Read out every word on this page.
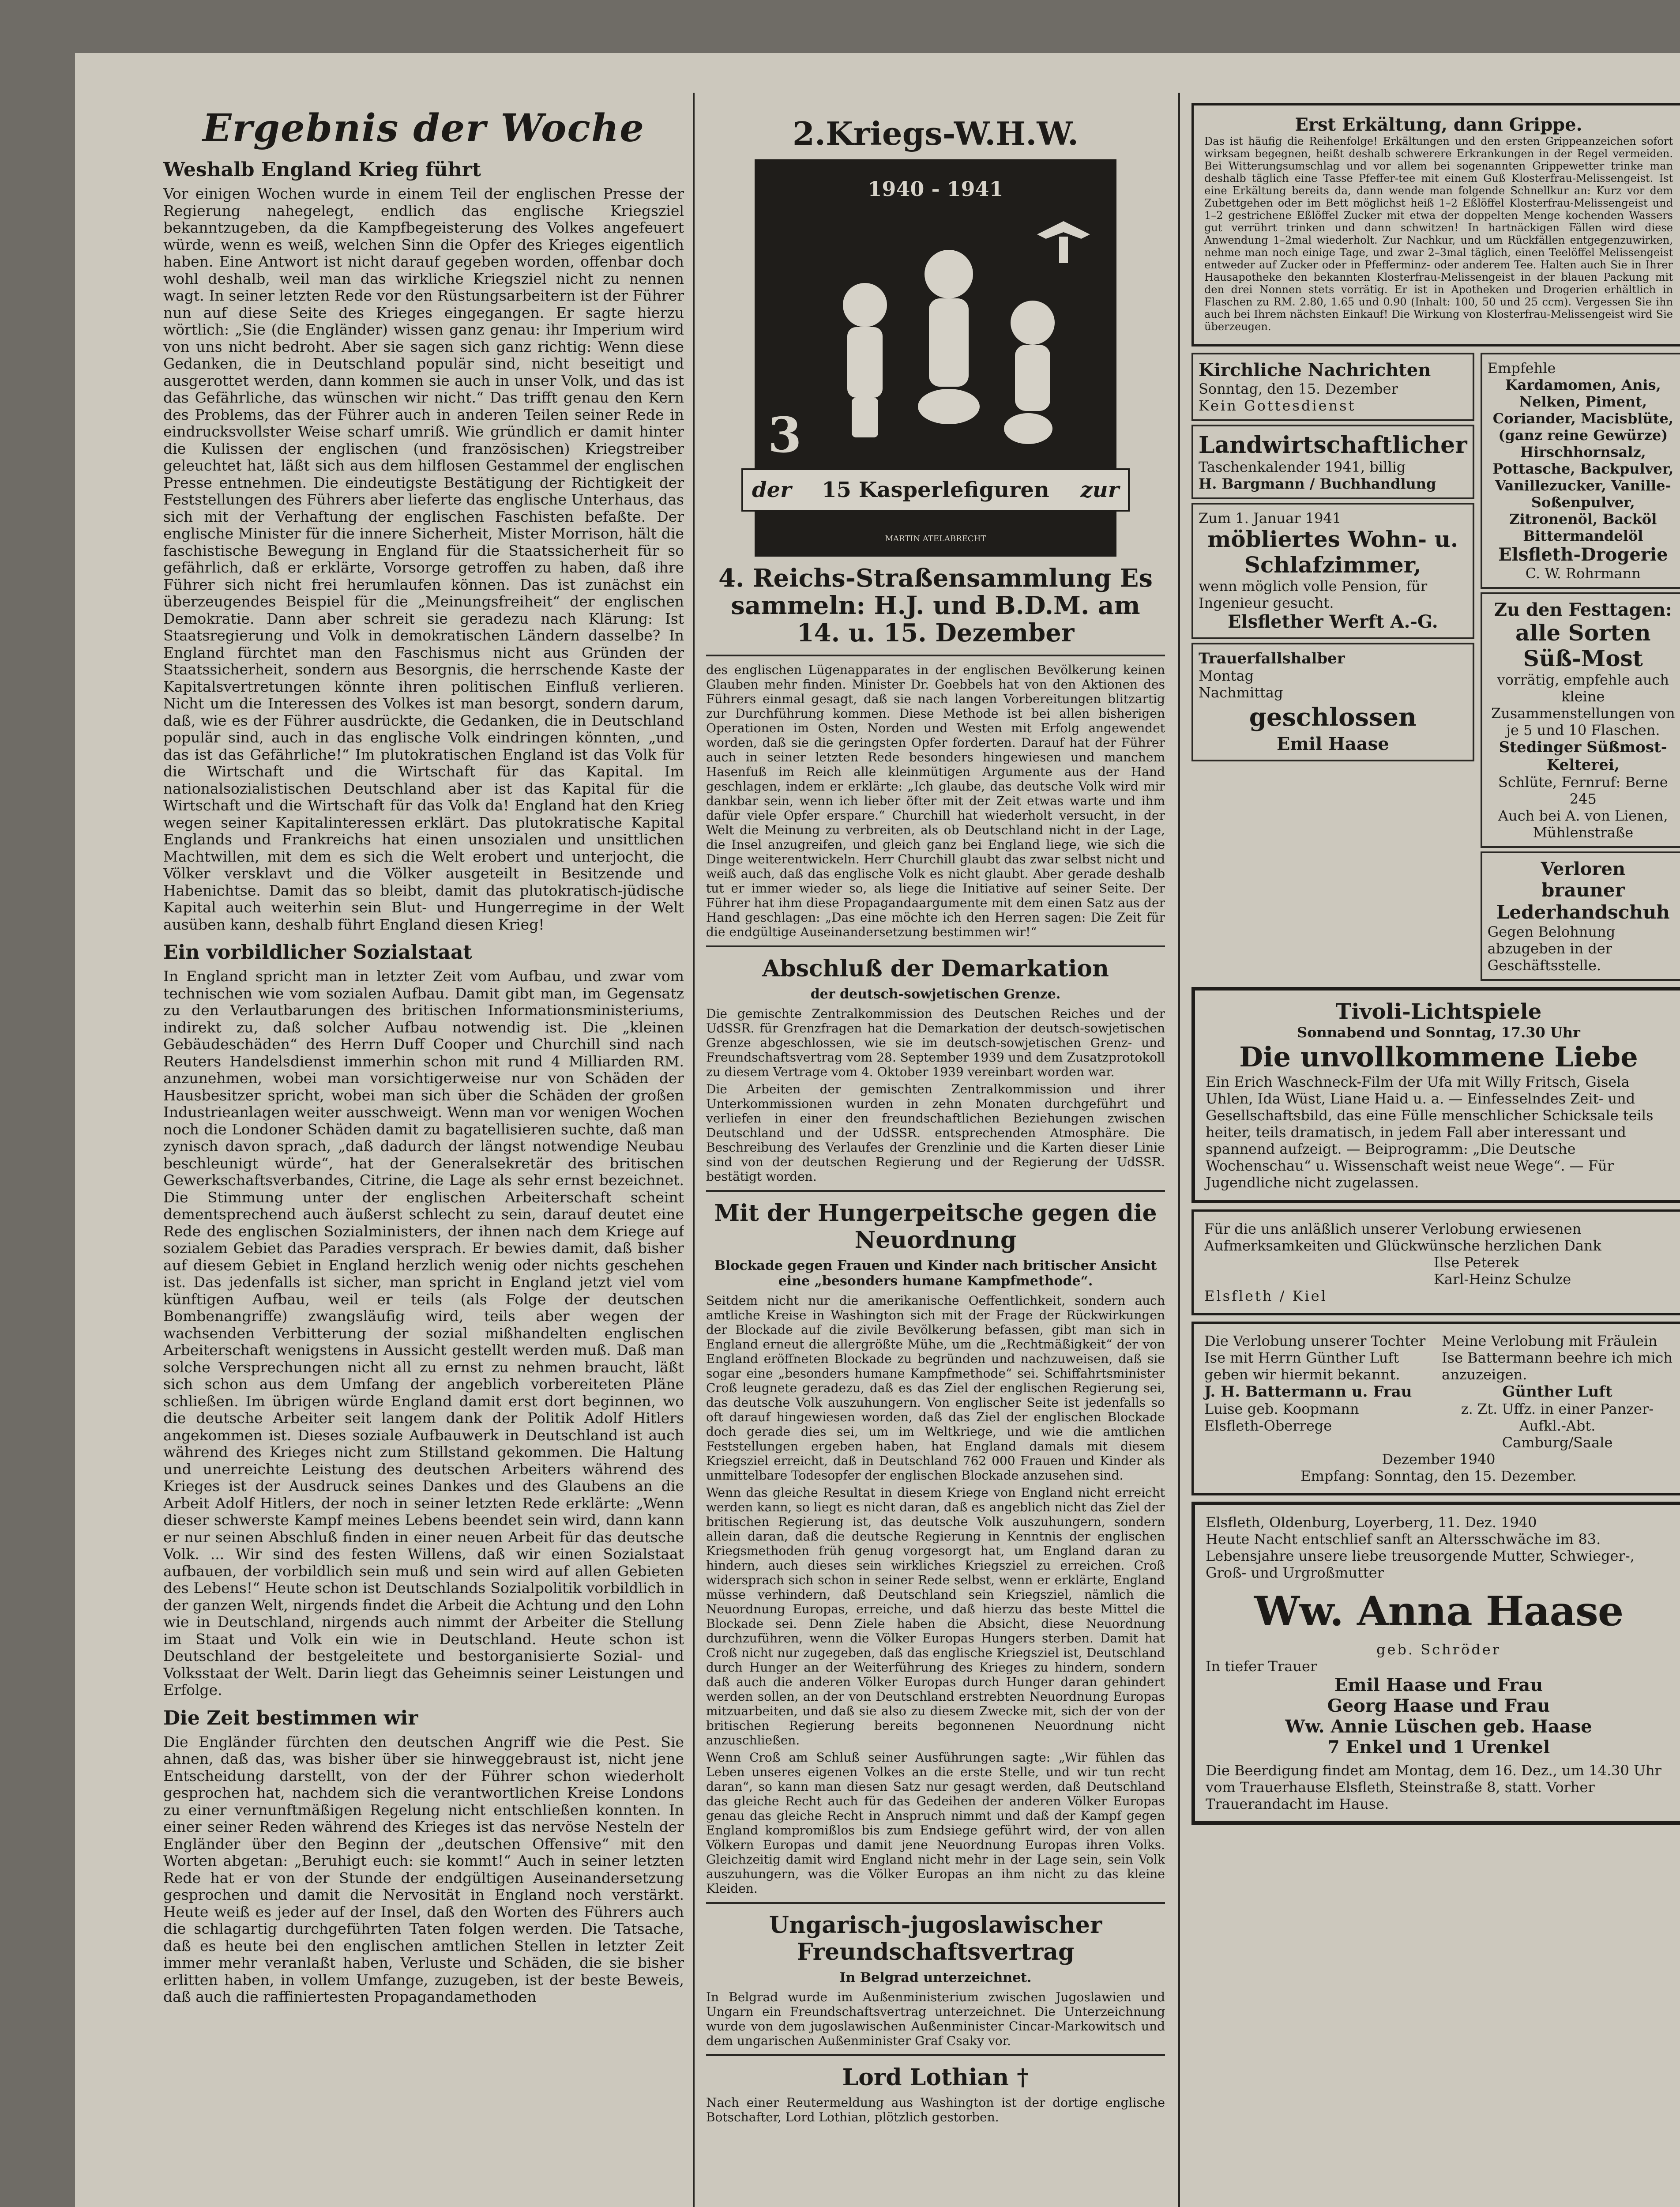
Ergebnis der Woche
Weshalb England Krieg führt

Vor einigen Wochen wurde in einem Teil der englischen Presse der Regierung nahegelegt, endlich das englische Kriegsziel bekanntzugeben, da die Kampfbegeisterung des Volkes angefeuert würde, wenn es weiß, welchen Sinn die Opfer des Krieges eigentlich haben. Eine Antwort ist nicht darauf gegeben worden, offenbar doch wohl deshalb, weil man das wirkliche Kriegsziel nicht zu nennen wagt. In seiner letzten Rede vor den Rüstungsarbeitern ist der Führer nun auf diese Seite des Krieges eingegangen. Er sagte hierzu wörtlich: „Sie (die Engländer) wissen ganz genau: ihr Imperium wird von uns nicht bedroht. Aber sie sagen sich ganz richtig: Wenn diese Gedanken, die in Deutschland populär sind, nicht beseitigt und ausgerottet werden, dann kommen sie auch in unser Volk, und das ist das Gefährliche, das wünschen wir nicht.“ Das trifft genau den Kern des Problems, das der Führer auch in anderen Teilen seiner Rede in eindrucksvollster Weise scharf umriß. Wie gründlich er damit hinter die Kulissen der englischen (und französischen) Kriegstreiber geleuchtet hat, läßt sich aus dem hilflosen Gestammel der englischen Presse entnehmen. Die eindeutigste Bestätigung der Richtigkeit der Feststellungen des Führers aber lieferte das englische Unterhaus, das sich mit der Verhaftung der englischen Faschisten befaßte. Der englische Minister für die innere Sicherheit, Mister Morrison, hält die faschistische Bewegung in England für die Staatssicherheit für so gefährlich, daß er erklärte, Vorsorge getroffen zu haben, daß ihre Führer sich nicht frei herumlaufen können. Das ist zunächst ein überzeugendes Beispiel für die „Meinungsfreiheit“ der englischen Demokratie. Dann aber schreit sie geradezu nach Klärung: Ist Staatsregierung und Volk in demokratischen Ländern dasselbe? In England fürchtet man den Faschismus nicht aus Gründen der Staatssicherheit, sondern aus Besorgnis, die herrschende Kaste der Kapitalsvertretungen könnte ihren politischen Einfluß verlieren. Nicht um die Interessen des Volkes ist man besorgt, sondern darum, daß, wie es der Führer ausdrückte, die Gedanken, die in Deutschland populär sind, auch in das englische Volk eindringen könnten, „und das ist das Gefährliche!“ Im plutokratischen England ist das Volk für die Wirtschaft und die Wirtschaft für das Kapital. Im nationalsozialistischen Deutschland aber ist das Kapital für die Wirtschaft und die Wirtschaft für das Volk da! England hat den Krieg wegen seiner Kapitalinteressen erklärt. Das plutokratische Kapital Englands und Frankreichs hat einen unsozialen und unsittlichen Machtwillen, mit dem es sich die Welt erobert und unterjocht, die Völker versklavt und die Völker ausgeteilt in Besitzende und Habenichtse. Damit das so bleibt, damit das plutokratisch-jüdische Kapital auch weiterhin sein Blut- und Hungerregime in der Welt ausüben kann, deshalb führt England diesen Krieg!

Ein vorbildlicher Sozialstaat

In England spricht man in letzter Zeit vom Aufbau, und zwar vom technischen wie vom sozialen Aufbau. Damit gibt man, im Gegensatz zu den Verlautbarungen des britischen Informationsministeriums, indirekt zu, daß solcher Aufbau notwendig ist. Die „kleinen Gebäudeschäden“ des Herrn Duff Cooper und Churchill sind nach Reuters Handelsdienst immerhin schon mit rund 4 Milliarden RM. anzunehmen, wobei man vorsichtigerweise nur von Schäden der Hausbesitzer spricht, wobei man sich über die Schäden der großen Industrieanlagen weiter ausschweigt. Wenn man vor wenigen Wochen noch die Londoner Schäden damit zu bagatellisieren suchte, daß man zynisch davon sprach, „daß dadurch der längst notwendige Neubau beschleunigt würde“, hat der Generalsekretär des britischen Gewerkschaftsverbandes, Citrine, die Lage als sehr ernst bezeichnet. Die Stimmung unter der englischen Arbeiterschaft scheint dementsprechend auch äußerst schlecht zu sein, darauf deutet eine Rede des englischen Sozialministers, der ihnen nach dem Kriege auf sozialem Gebiet das Paradies versprach. Er bewies damit, daß bisher auf diesem Gebiet in England herzlich wenig oder nichts geschehen ist. Das jedenfalls ist sicher, man spricht in England jetzt viel vom künftigen Aufbau, weil er teils (als Folge der deutschen Bombenangriffe) zwangsläufig wird, teils aber wegen der wachsenden Verbitterung der sozial mißhandelten englischen Arbeiterschaft wenigstens in Aussicht gestellt werden muß. Daß man solche Versprechungen nicht all zu ernst zu nehmen braucht, läßt sich schon aus dem Umfang der angeblich vorbereiteten Pläne schließen. Im übrigen würde England damit erst dort beginnen, wo die deutsche Arbeiter seit langem dank der Politik Adolf Hitlers angekommen ist. Dieses soziale Aufbauwerk in Deutschland ist auch während des Krieges nicht zum Stillstand gekommen. Die Haltung und unerreichte Leistung des deutschen Arbeiters während des Krieges ist der Ausdruck seines Dankes und des Glaubens an die Arbeit Adolf Hitlers, der noch in seiner letzten Rede erklärte: „Wenn dieser schwerste Kampf meines Lebens beendet sein wird, dann kann er nur seinen Abschluß finden in einer neuen Arbeit für das deutsche Volk. ... Wir sind des festen Willens, daß wir einen Sozialstaat aufbauen, der vorbildlich sein muß und sein wird auf allen Gebieten des Lebens!“ Heute schon ist Deutschlands Sozialpolitik vorbildlich in der ganzen Welt, nirgends findet die Arbeit die Achtung und den Lohn wie in Deutschland, nirgends auch nimmt der Arbeiter die Stellung im Staat und Volk ein wie in Deutschland. Heute schon ist Deutschland der bestgeleitete und bestorganisierte Sozial- und Volksstaat der Welt. Darin liegt das Geheimnis seiner Leistungen und Erfolge.

Die Zeit bestimmen wir

Die Engländer fürchten den deutschen Angriff wie die Pest. Sie ahnen, daß das, was bisher über sie hinweggebraust ist, nicht jene Entscheidung darstellt, von der der Führer schon wiederholt gesprochen hat, nachdem sich die verantwortlichen Kreise Londons zu einer vernunftmäßigen Regelung nicht entschließen konnten. In einer seiner Reden während des Krieges ist das nervöse Nesteln der Engländer über den Beginn der „deutschen Offensive“ mit den Worten abgetan: „Beruhigt euch: sie kommt!“ Auch in seiner letzten Rede hat er von der Stunde der endgültigen Auseinandersetzung gesprochen und damit die Nervosität in England noch verstärkt. Heute weiß es jeder auf der Insel, daß den Worten des Führers auch die schlagartig durchgeführten Taten folgen werden. Die Tatsache, daß es heute bei den englischen amtlichen Stellen in letzter Zeit immer mehr veranlaßt haben, Verluste und Schäden, die sie bisher erlitten haben, in vollem Umfange, zuzugeben, ist der beste Beweis, daß auch die raffiniertesten Propagandamethoden

2.Kriegs-W.H.W.
1940 - 1941
3
der 15 Kasperlefiguren zur
MARTIN ATELABRECHT
4. Reichs-Straßensammlung Es sammeln: H.J. und B.D.M. am 14. u. 15. Dezember

des englischen Lügenapparates in der englischen Bevölkerung keinen Glauben mehr finden. Minister Dr. Goebbels hat von den Aktionen des Führers einmal gesagt, daß sie nach langen Vorbereitungen blitzartig zur Durchführung kommen. Diese Methode ist bei allen bisherigen Operationen im Osten, Norden und Westen mit Erfolg angewendet worden, daß sie die geringsten Opfer forderten. Darauf hat der Führer auch in seiner letzten Rede besonders hingewiesen und manchem Hasenfuß im Reich alle kleinmütigen Argumente aus der Hand geschlagen, indem er erklärte: „Ich glaube, das deutsche Volk wird mir dankbar sein, wenn ich lieber öfter mit der Zeit etwas warte und ihm dafür viele Opfer erspare.“ Churchill hat wiederholt versucht, in der Welt die Meinung zu verbreiten, als ob Deutschland nicht in der Lage, die Insel anzugreifen, und gleich ganz bei England liege, wie sich die Dinge weiterentwickeln. Herr Churchill glaubt das zwar selbst nicht und weiß auch, daß das englische Volk es nicht glaubt. Aber gerade deshalb tut er immer wieder so, als liege die Initiative auf seiner Seite. Der Führer hat ihm diese Propagandaargumente mit dem einen Satz aus der Hand geschlagen: „Das eine möchte ich den Herren sagen: Die Zeit für die endgültige Auseinandersetzung bestimmen wir!“

Abschluß der Demarkation
der deutsch-sowjetischen Grenze.

Die gemischte Zentralkommission des Deutschen Reiches und der UdSSR. für Grenzfragen hat die Demarkation der deutsch-sowjetischen Grenze abgeschlossen, wie sie im deutsch-sowjetischen Grenz- und Freundschaftsvertrag vom 28. September 1939 und dem Zusatzprotokoll zu diesem Vertrage vom 4. Oktober 1939 vereinbart worden war.

Die Arbeiten der gemischten Zentralkommission und ihrer Unterkommissionen wurden in zehn Monaten durchgeführt und verliefen in einer den freundschaftlichen Beziehungen zwischen Deutschland und der UdSSR. entsprechenden Atmosphäre. Die Beschreibung des Verlaufes der Grenzlinie und die Karten dieser Linie sind von der deutschen Regierung und der Regierung der UdSSR. bestätigt worden.

Mit der Hungerpeitsche gegen die Neuordnung
Blockade gegen Frauen und Kinder nach britischer Ansicht eine „besonders humane Kampfmethode“.

Seitdem nicht nur die amerikanische Oeffentlichkeit, sondern auch amtliche Kreise in Washington sich mit der Frage der Rückwirkungen der Blockade auf die zivile Bevölkerung befassen, gibt man sich in England erneut die allergrößte Mühe, um die „Rechtmäßigkeit“ der von England eröffneten Blockade zu begründen und nachzuweisen, daß sie sogar eine „besonders humane Kampfmethode“ sei. Schiffahrtsminister Croß leugnete geradezu, daß es das Ziel der englischen Regierung sei, das deutsche Volk auszuhungern. Von englischer Seite ist jedenfalls so oft darauf hingewiesen worden, daß das Ziel der englischen Blockade doch gerade dies sei, um im Weltkriege, und wie die amtlichen Feststellungen ergeben haben, hat England damals mit diesem Kriegsziel erreicht, daß in Deutschland 762 000 Frauen und Kinder als unmittelbare Todesopfer der englischen Blockade anzusehen sind.

Wenn das gleiche Resultat in diesem Kriege von England nicht erreicht werden kann, so liegt es nicht daran, daß es angeblich nicht das Ziel der britischen Regierung ist, das deutsche Volk auszuhungern, sondern allein daran, daß die deutsche Regierung in Kenntnis der englischen Kriegsmethoden früh genug vorgesorgt hat, um England daran zu hindern, auch dieses sein wirkliches Kriegsziel zu erreichen. Croß widersprach sich schon in seiner Rede selbst, wenn er erklärte, England müsse verhindern, daß Deutschland sein Kriegsziel, nämlich die Neuordnung Europas, erreiche, und daß hierzu das beste Mittel die Blockade sei. Denn Ziele haben die Absicht, diese Neuordnung durchzuführen, wenn die Völker Europas Hungers sterben. Damit hat Croß nicht nur zugegeben, daß das englische Kriegsziel ist, Deutschland durch Hunger an der Weiterführung des Krieges zu hindern, sondern daß auch die anderen Völker Europas durch Hunger daran gehindert werden sollen, an der von Deutschland erstrebten Neuordnung Europas mitzuarbeiten, und daß sie also zu diesem Zwecke mit, sich der von der britischen Regierung bereits begonnenen Neuordnung nicht anzuschließen.

Wenn Croß am Schluß seiner Ausführungen sagte: „Wir fühlen das Leben unseres eigenen Volkes an die erste Stelle, und wir tun recht daran“, so kann man diesen Satz nur gesagt werden, daß Deutschland das gleiche Recht auch für das Gedeihen der anderen Völker Europas genau das gleiche Recht in Anspruch nimmt und daß der Kampf gegen England kompromißlos bis zum Endsiege geführt wird, der von allen Völkern Europas und damit jene Neuordnung Europas ihren Volks. Gleichzeitig damit wird England nicht mehr in der Lage sein, sein Volk auszuhungern, was die Völker Europas an ihm nicht zu das kleine Kleiden.

Ungarisch-jugoslawischer Freundschaftsvertrag
In Belgrad unterzeichnet.

In Belgrad wurde im Außenministerium zwischen Jugoslawien und Ungarn ein Freundschaftsvertrag unterzeichnet. Die Unterzeichnung wurde von dem jugoslawischen Außenminister Cincar-Markowitsch und dem ungarischen Außenminister Graf Csaky vor.

Lord Lothian †

Nach einer Reutermeldung aus Washington ist der dortige englische Botschafter, Lord Lothian, plötzlich gestorben.

Erst Erkältung, dann Grippe.

Das ist häufig die Reihenfolge! Erkältungen und den ersten Grippeanzeichen sofort wirksam begegnen, heißt deshalb schwerere Erkrankungen in der Regel vermeiden. Bei Witterungsumschlag und vor allem bei sogenannten Grippewetter trinke man deshalb täglich eine Tasse Pfeffer-tee mit einem Guß Klosterfrau-Melissengeist. Ist eine Erkältung bereits da, dann wende man folgende Schnellkur an: Kurz vor dem Zubettgehen oder im Bett möglichst heiß 1–2 Eßlöffel Klosterfrau-Melissengeist und 1–2 gestrichene Eßlöffel Zucker mit etwa der doppelten Menge kochenden Wassers gut verrührt trinken und dann schwitzen! In hartnäckigen Fällen wird diese Anwendung 1–2mal wiederholt. Zur Nachkur, und um Rückfällen entgegenzuwirken, nehme man noch einige Tage, und zwar 2–3mal täglich, einen Teelöffel Melissengeist entweder auf Zucker oder in Pfefferminz- oder anderem Tee. Halten auch Sie in Ihrer Hausapotheke den bekannten Klosterfrau-Melissengeist in der blauen Packung mit den drei Nonnen stets vorrätig. Er ist in Apotheken und Drogerien erhältlich in Flaschen zu RM. 2.80, 1.65 und 0.90 (Inhalt: 100, 50 und 25 ccm). Vergessen Sie ihn auch bei Ihrem nächsten Einkauf! Die Wirkung von Klosterfrau-Melissengeist wird Sie überzeugen.

Kirchliche Nachrichten
Sonntag, den 15. Dezember
Kein Gottesdienst
Landwirtschaftlicher
Taschenkalender 1941, billig
H. Bargmann / Buchhandlung
Zum 1. Januar 1941
möbliertes Wohn- u. Schlafzimmer,
wenn möglich volle Pension, für Ingenieur gesucht.
Elsflether Werft A.-G.
Trauerfallshalber
Montag
Nachmittag
geschlossen
Emil Haase
Empfehle
Kardamomen, Anis, Nelken, Piment, Coriander, Macisblüte, (ganz reine Gewürze) Hirschhornsalz, Pottasche, Backpulver, Vanillezucker, Vanille-Soßenpulver, Zitronenöl, Backöl Bittermandelöl
Elsfleth-Drogerie
C. W. Rohrmann
Zu den Festtagen:
alle Sorten Süß-Most
vorrätig, empfehle auch kleine Zusammenstellungen von je 5 und 10 Flaschen.
Stedinger Süßmost-Kelterei,
Schlüte, Fernruf: Berne 245
Auch bei A. von Lienen, Mühlenstraße
Verloren
brauner Lederhandschuh
Gegen Belohnung abzugeben in der Geschäftsstelle.
Tivoli-Lichtspiele
Sonnabend und Sonntag, 17.30 Uhr
Die unvollkommene Liebe
Ein Erich Waschneck-Film der Ufa mit Willy Fritsch, Gisela Uhlen, Ida Wüst, Liane Haid u. a. — Einfesselndes Zeit- und Gesellschaftsbild, das eine Fülle menschlicher Schicksale teils heiter, teils dramatisch, in jedem Fall aber interessant und spannend aufzeigt. — Beiprogramm: „Die Deutsche Wochenschau“ u. Wissenschaft weist neue Wege“. — Für Jugendliche nicht zugelassen.
Für die uns anläßlich unserer Verlobung erwiesenen Aufmerksamkeiten und Glückwünsche herzlichen Dank
Ilse Peterek
Karl-Heinz Schulze
Elsfleth / Kiel
Die Verlobung unserer Tochter Ise mit Herrn Günther Luft geben wir hiermit bekannt.
J. H. Battermann u. Frau
Luise geb. Koopmann
Elsfleth-Oberrege
Meine Verlobung mit Fräulein Ise Battermann beehre ich mich anzuzeigen.
Günther Luft
z. Zt. Uffz. in einer Panzer-Aufkl.-Abt.
Camburg/Saale
Dezember 1940
Empfang: Sonntag, den 15. Dezember.
Elsfleth, Oldenburg, Loyerberg, 11. Dez. 1940
Heute Nacht entschlief sanft an Altersschwäche im 83. Lebensjahre unsere liebe treusorgende Mutter, Schwieger-, Groß- und Urgroßmutter
Ww. Anna Haase
geb. Schröder
In tiefer Trauer
Emil Haase und Frau
Georg Haase und Frau
Ww. Annie Lüschen geb. Haase
7 Enkel und 1 Urenkel
Die Beerdigung findet am Montag, dem 16. Dez., um 14.30 Uhr vom Trauerhause Elsfleth, Steinstraße 8, statt. Vorher Trauerandacht im Hause.
